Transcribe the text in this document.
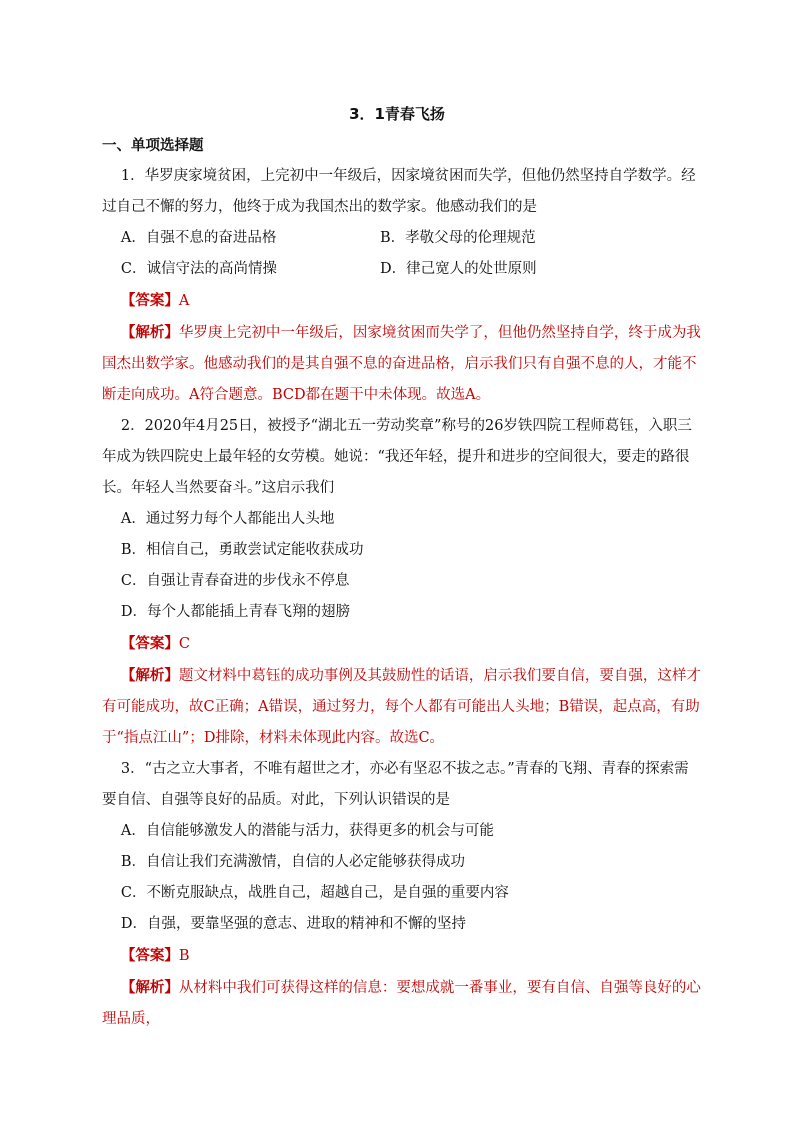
3．1青春飞扬
一、单项选择题

1．华罗庚家境贫困，上完初中一年级后，因家境贫困而失学，但他仍然坚持自学数学。经过自己不懈的努力，他终于成为我国杰出的数学家。他感动我们的是

A．自强不息的奋进品格	B．孝敬父母的伦理规范
C．诚信守法的高尚情操	D．律己宽人的处世原则

【答案】A

【解析】华罗庚上完初中一年级后，因家境贫困而失学了，但他仍然坚持自学，终于成为我国杰出数学家。他感动我们的是其自强不息的奋进品格，启示我们只有自强不息的人，才能不断走向成功。A符合题意。BCD都在题干中未体现。故选A。

2．2020年4月25日，被授予“湖北五一劳动奖章”称号的26岁铁四院工程师葛钰，入职三年成为铁四院史上最年轻的女劳模。她说：“我还年轻，提升和进步的空间很大，要走的路很长。年轻人当然要奋斗。”这启示我们

A．通过努力每个人都能出人头地

B．相信自己，勇敢尝试定能收获成功

C．自强让青春奋进的步伐永不停息

D．每个人都能插上青春飞翔的翅膀

【答案】C

【解析】题文材料中葛钰的成功事例及其鼓励性的话语，启示我们要自信，要自强，这样才有可能成功，故C正确；A错误，通过努力，每个人都有可能出人头地；B错误，起点高，有助于“指点江山”；D排除，材料未体现此内容。故选C。

3．“古之立大事者，不唯有超世之才，亦必有坚忍不拔之志。”青春的飞翔、青春的探索需要自信、自强等良好的品质。对此，下列认识错误的是

A．自信能够激发人的潜能与活力，获得更多的机会与可能

B．自信让我们充满激情，自信的人必定能够获得成功

C．不断克服缺点，战胜自己，超越自己，是自强的重要内容

D．自强，要靠坚强的意志、进取的精神和不懈的坚持

【答案】B

【解析】从材料中我们可获得这样的信息：要想成就一番事业，要有自信、自强等良好的心理品质，
